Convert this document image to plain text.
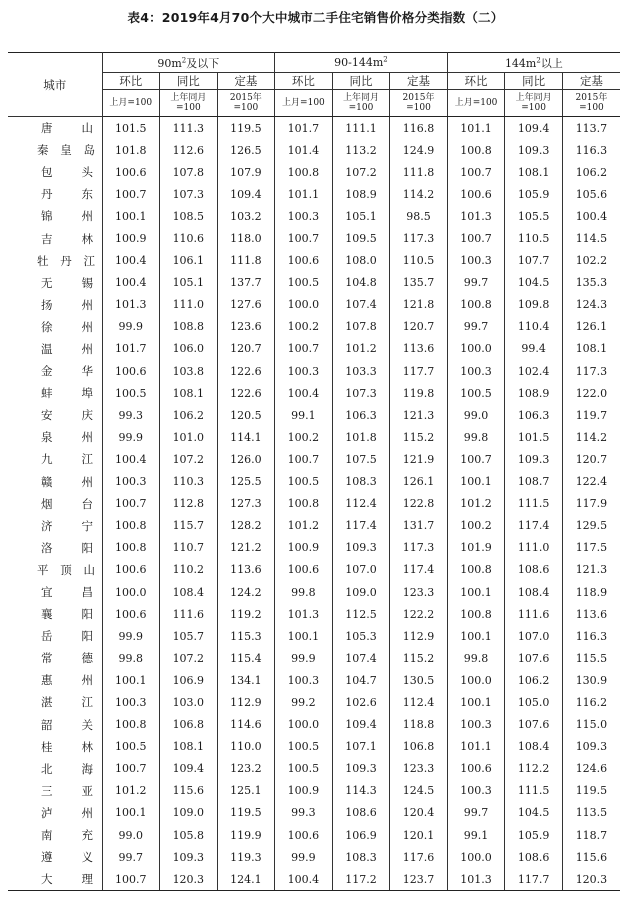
表4：2019年4月70个大中城市二手住宅销售价格分类指数（二）
城市	$90m^2$及以下			$90-144m^2$			$144m^2$以上		
	环比	同比	定基	环比	同比	定基	环比	同比	定基
	上月=100	上年同月=100	2015年=100	上月=100	上年同月=100	2015年=100	上月=100	上年同月=100	2015年=100
唐山	101.5	111.3	119.5	101.7	111.1	116.8	101.1	109.4	113.7
秦皇岛	101.8	112.6	126.5	101.4	113.2	124.9	100.8	109.3	116.3
包头	100.6	107.8	107.9	100.8	107.2	111.8	100.7	108.1	106.2
丹东	100.7	107.3	109.4	101.1	108.9	114.2	100.6	105.9	105.6
锦州	100.1	108.5	103.2	100.3	105.1	98.5	101.3	105.5	100.4
吉林	100.9	110.6	118.0	100.7	109.5	117.3	100.7	110.5	114.5
牡丹江	100.4	106.1	111.8	100.6	108.0	110.5	100.3	107.7	102.2
无锡	100.4	105.1	137.7	100.5	104.8	135.7	99.7	104.5	135.3
扬州	101.3	111.0	127.6	100.0	107.4	121.8	100.8	109.8	124.3
徐州	99.9	108.8	123.6	100.2	107.8	120.7	99.7	110.4	126.1
温州	101.7	106.0	120.7	100.7	101.2	113.6	100.0	99.4	108.1
金华	100.6	103.8	122.6	100.3	103.3	117.7	100.3	102.4	117.3
蚌埠	100.5	108.1	122.6	100.4	107.3	119.8	100.5	108.9	122.0
安庆	99.3	106.2	120.5	99.1	106.3	121.3	99.0	106.3	119.7
泉州	99.9	101.0	114.1	100.2	101.8	115.2	99.8	101.5	114.2
九江	100.4	107.2	126.0	100.7	107.5	121.9	100.7	109.3	120.7
赣州	100.3	110.3	125.5	100.5	108.3	126.1	100.1	108.7	122.4
烟台	100.7	112.8	127.3	100.8	112.4	122.8	101.2	111.5	117.9
济宁	100.8	115.7	128.2	101.2	117.4	131.7	100.2	117.4	129.5
洛阳	100.8	110.7	121.2	100.9	109.3	117.3	101.9	111.0	117.5
平顶山	100.6	110.2	113.6	100.6	107.0	117.4	100.8	108.6	121.3
宜昌	100.0	108.4	124.2	99.8	109.0	123.3	100.1	108.4	118.9
襄阳	100.6	111.6	119.2	101.3	112.5	122.2	100.8	111.6	113.6
岳阳	99.9	105.7	115.3	100.1	105.3	112.9	100.1	107.0	116.3
常德	99.8	107.2	115.4	99.9	107.4	115.2	99.8	107.6	115.5
惠州	100.1	106.9	134.1	100.3	104.7	130.5	100.0	106.2	130.9
湛江	100.3	103.0	112.9	99.2	102.6	112.4	100.1	105.0	116.2
韶关	100.8	106.8	114.6	100.0	109.4	118.8	100.3	107.6	115.0
桂林	100.5	108.1	110.0	100.5	107.1	106.8	101.1	108.4	109.3
北海	100.7	109.4	123.2	100.5	109.3	123.3	100.6	112.2	124.6
三亚	101.2	115.6	125.1	100.9	114.3	124.5	100.3	111.5	119.5
泸州	100.1	109.0	119.5	99.3	108.6	120.4	99.7	104.5	113.5
南充	99.0	105.8	119.9	100.6	106.9	120.1	99.1	105.9	118.7
遵义	99.7	109.3	119.3	99.9	108.3	117.6	100.0	108.6	115.6
大理	100.7	120.3	124.1	100.4	117.2	123.7	101.3	117.7	120.3
